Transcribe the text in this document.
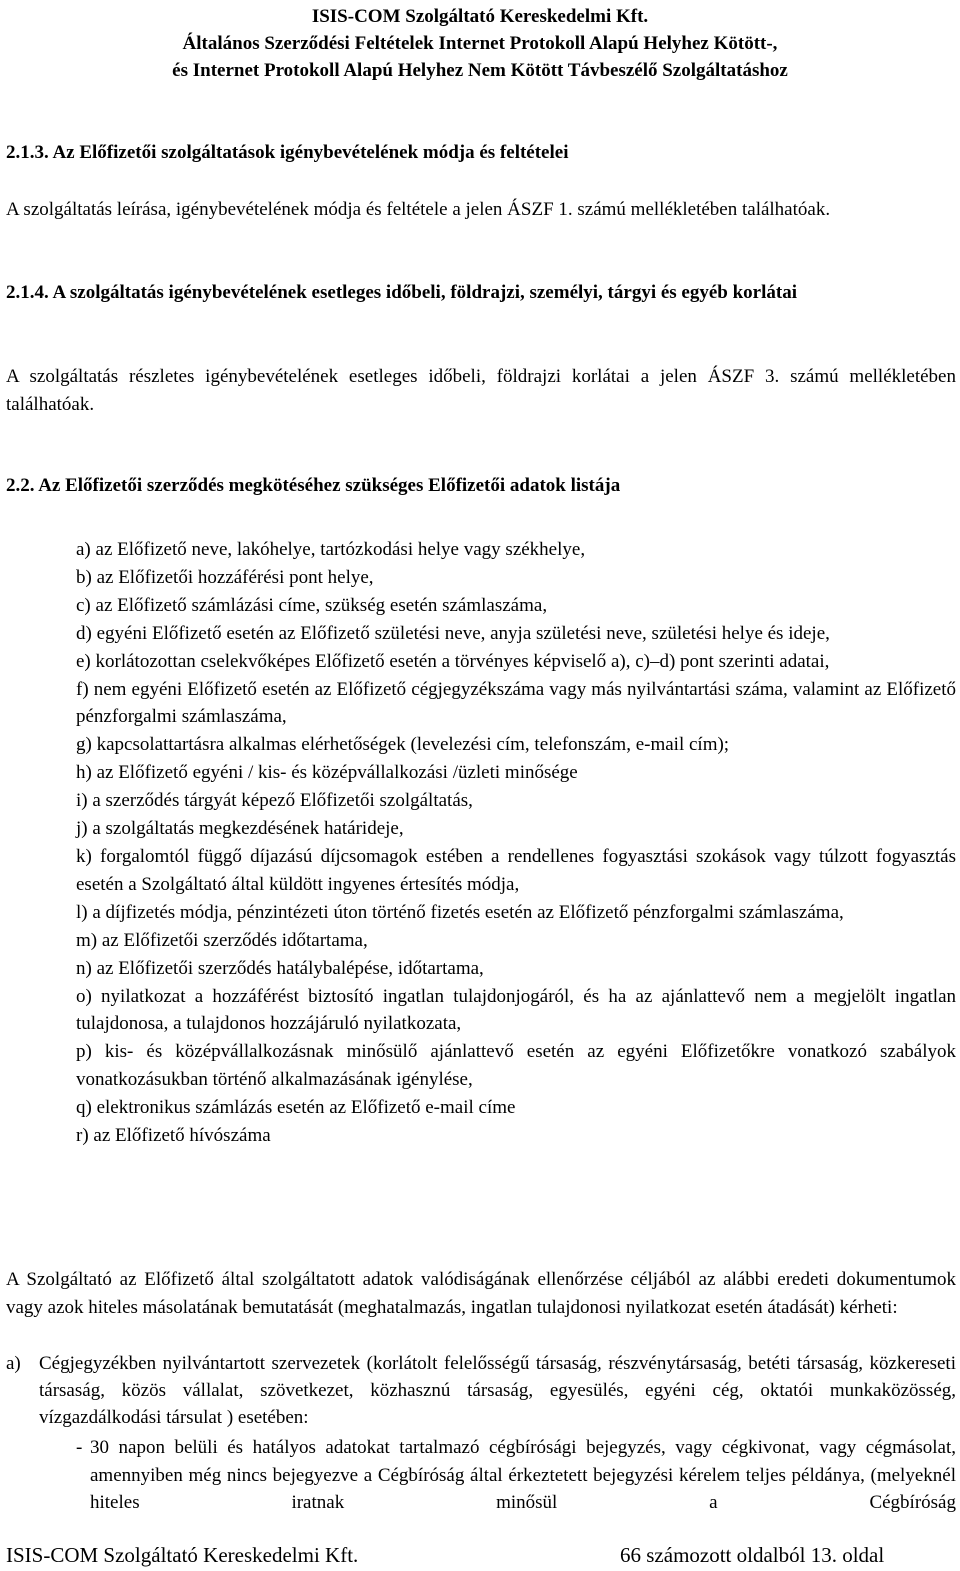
ISIS-COM Szolgáltató Kereskedelmi Kft.
Általános Szerződési Feltételek Internet Protokoll Alapú Helyhez Kötött-,
és Internet Protokoll Alapú Helyhez Nem Kötött Távbeszélő Szolgáltatáshoz
2.1.3. Az Előfizetői szolgáltatások igénybevételének módja és feltételei
A szolgáltatás leírása, igénybevételének módja és feltétele a jelen ÁSZF 1. számú mellékletében találhatóak.
2.1.4. A szolgáltatás igénybevételének esetleges időbeli, földrajzi, személyi, tárgyi és egyéb korlátai
A szolgáltatás részletes igénybevételének esetleges időbeli, földrajzi korlátai a jelen ÁSZF 3. számú mellékletében találhatóak.
2.2. Az Előfizetői szerződés megkötéséhez szükséges Előfizetői adatok listája
a) az Előfizető neve, lakóhelye, tartózkodási helye vagy székhelye,
b) az Előfizetői hozzáférési pont helye,
c) az Előfizető számlázási címe, szükség esetén számlaszáma,
d) egyéni Előfizető esetén az Előfizető születési neve, anyja születési neve, születési helye és ideje,
e) korlátozottan cselekvőképes Előfizető esetén a törvényes képviselő a), c)–d) pont szerinti adatai,
f) nem egyéni Előfizető esetén az Előfizető cégjegyzékszáma vagy más nyilvántartási száma, valamint az Előfizető pénzforgalmi számlaszáma,
g) kapcsolattartásra alkalmas elérhetőségek (levelezési cím, telefonszám, e-mail cím);
h) az Előfizető egyéni / kis- és középvállalkozási /üzleti minősége
i) a szerződés tárgyát képező Előfizetői szolgáltatás,
j) a szolgáltatás megkezdésének határideje,
k) forgalomtól függő díjazású díjcsomagok estében a rendellenes fogyasztási szokások vagy túlzott fogyasztás esetén a Szolgáltató által küldött ingyenes értesítés módja,
l) a díjfizetés módja, pénzintézeti úton történő fizetés esetén az Előfizető pénzforgalmi számlaszáma,
m) az Előfizetői szerződés időtartama,
n) az Előfizetői szerződés hatálybalépése, időtartama,
o) nyilatkozat a hozzáférést biztosító ingatlan tulajdonjogáról, és ha az ajánlattevő nem a megjelölt ingatlan tulajdonosa, a tulajdonos hozzájáruló nyilatkozata,
p) kis- és középvállalkozásnak minősülő ajánlattevő esetén az egyéni Előfizetőkre vonatkozó szabályok vonatkozásukban történő alkalmazásának igénylése,
q) elektronikus számlázás esetén az Előfizető e-mail címe
r) az Előfizető hívószáma
A Szolgáltató az Előfizető által szolgáltatott adatok valódiságának ellenőrzése céljából az alábbi eredeti dokumentumok vagy azok hiteles másolatának bemutatását (meghatalmazás, ingatlan tulajdonosi nyilatkozat esetén átadását) kérheti:
a) Cégjegyzékben nyilvántartott szervezetek (korlátolt felelősségű társaság, részvénytársaság, betéti társaság, közkereseti társaság, közös vállalat, szövetkezet, közhasznú társaság, egyesülés, egyéni cég, oktatói munkaközösség, vízgazdálkodási társulat ) esetében:
- 30 napon belüli és hatályos adatokat tartalmazó cégbírósági bejegyzés, vagy cégkivonat, vagy cégmásolat, amennyiben még nincs bejegyezve a Cégbíróság által érkeztetett bejegyzési kérelem teljes példánya, (melyeknél hiteles iratnak minősül a Cégbíróság
ISIS-COM Szolgáltató Kereskedelmi Kft.	66 számozott oldalból 13. oldal
